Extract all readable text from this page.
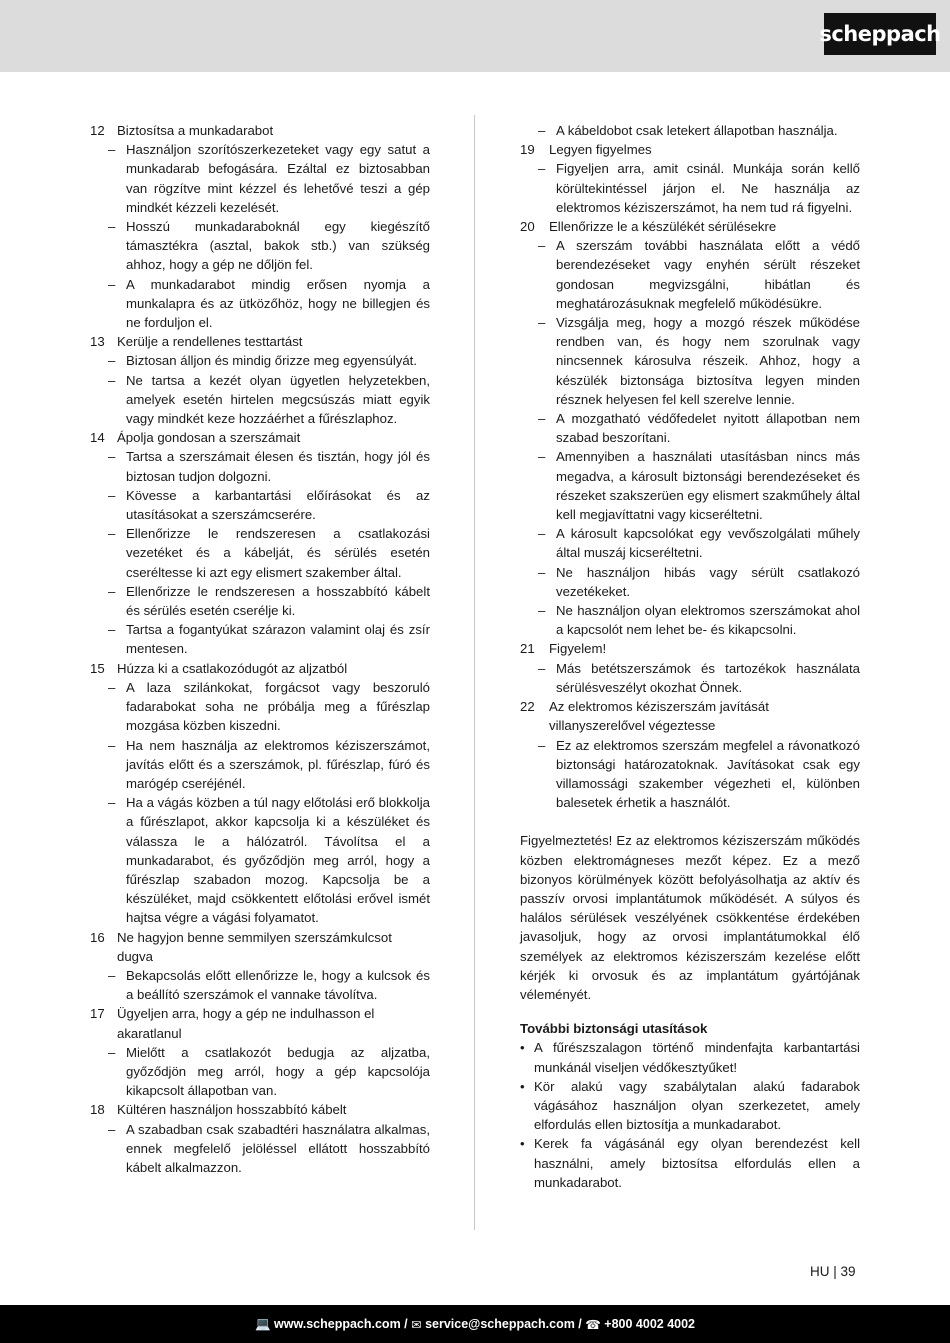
scheppach
12 Biztosítsa a munkadarabot
– Használjon szorítószerkezeteket vagy egy satut a munkadarab befogására. Ezáltal ez biztosabban van rögzítve mint kézzel és lehetővé teszi a gép mindkét kézzeli kezelését.
– Hosszú munkadaraboknál egy kiegészítő támasztékra (asztal, bakok stb.) van szükség ahhoz, hogy a gép ne dőljön fel.
– A munkadarabot mindig erősen nyomja a munkalapra és az ütközőhöz, hogy ne billegjen és ne forduljon el.
13 Kerülje a rendellenes testtartást
– Biztosan álljon és mindig őrizze meg egyensúlyát.
– Ne tartsa a kezét olyan ügyetlen helyzetekben, amelyek esetén hirtelen megcsúszás miatt egyik vagy mindkét keze hozzáérhet a fűrészlaphoz.
14 Ápolja gondosan a szerszámait
– Tartsa a szerszámait élesen és tisztán, hogy jól és biztosan tudjon dolgozni.
– Kövesse a karbantartási előírásokat és az utasításokat a szerszámcserére.
– Ellenőrizze le rendszeresen a csatlakozási vezetéket és a kábelját, és sérülés esetén cseréltesse ki azt egy elismert szakember által.
– Ellenőrizze le rendszeresen a hosszabbító kábelt és sérülés esetén cserélje ki.
– Tartsa a fogantyúkat szárazon valamint olaj és zsír mentesen.
15 Húzza ki a csatlakozódugót az aljzatból
– A laza szilánkokat, forgácsot vagy beszoruló fadarabokat soha ne próbálja meg a fűrészlap mozgása közben kiszedni.
– Ha nem használja az elektromos kéziszerszámot, javítás előtt és a szerszámok, pl. fűrészlap, fúró és marógép cseréjénél.
– Ha a vágás közben a túl nagy előtolási erő blokkolja a fűrészlapot, akkor kapcsolja ki a készüléket és válassza le a hálózatról. Távolítsa el a munkadarabot, és győződjön meg arról, hogy a fűrészlap szabadon mozog. Kapcsolja be a készüléket, majd csökkentett előtolási erővel ismét hajtsa végre a vágási folyamatot.
16 Ne hagyjon benne semmilyen szerszámkulcsot dugva
– Bekapcsolás előtt ellenőrizze le, hogy a kulcsok és a beállító szerszámok el vannake távolítva.
17 Ügyeljen arra, hogy a gép ne indulhasson el akaratlanul
– Mielőtt a csatlakozót bedugja az aljzatba, győződjön meg arról, hogy a gép kapcsolója kikapcsolt állapotban van.
18 Kültéren használjon hosszabbító kábelt
– A szabadban csak szabadtéri használatra alkalmas, ennek megfelelő jelöléssel ellátott hosszabbító kábelt alkalmazzon.
– A kábeldobot csak letekert állapotban használja.
19	Legyen figyelmes
– Figyeljen arra, amit csinál. Munkája során kellő körültekintéssel járjon el. Ne használja az elektromos kéziszerszámot, ha nem tud rá figyelni.
20	Ellenőrizze le a készülékét sérülésekre
– A szerszám további használata előtt a védő berendezéseket vagy enyhén sérült részeket gondosan megvizsgálni, hibátlan és meghatározásuknak megfelelő működésükre.
– Vizsgálja meg, hogy a mozgó részek működése rendben van, és hogy nem szorulnak vagy nincsennek károsulva részeik. Ahhoz, hogy a készülék biztonsága biztosítva legyen minden résznek helyesen fel kell szerelve lennie.
– A mozgatható védőfedelet nyitott állapotban nem szabad beszorítani.
– Amennyiben a használati utasításban nincs más megadva, a károsult biztonsági berendezéseket és részeket szakszerüen egy elismert szakműhely által kell megjavíttatni vagy kicseréltetni.
– A károsult kapcsolókat egy vevőszolgálati műhely által muszáj kicseréltetni.
– Ne használjon hibás vagy sérült csatlakozó vezetékeket.
– Ne használjon olyan elektromos szerszámokat ahol a kapcsolót nem lehet be- és kikapcsolni.
21	Figyelem!
– Más betétszerszámok és tartozékok használata sérülésveszélyt okozhat Önnek.
22	Az elektromos kéziszerszám javítását villanyszerelővel végeztesse
– Ez az elektromos szerszám megfelel a rávonatkozó biztonsági határozatoknak. Javításokat csak egy villamossági szakember végezheti el, különben balesetek érhetik a használót.
Figyelmeztetés! Ez az elektromos kéziszerszám működés közben elektromágneses mezőt képez. Ez a mező bizonyos körülmények között befolyásolhatja az aktív és passzív orvosi implantátumok működését. A súlyos és halálos sérülések veszélyének csökkentése érdekében javasoljuk, hogy az orvosi implantátumokkal élő személyek az elektromos kéziszerszám kezelése előtt kérjék ki orvosuk és az implantátum gyártójának véleményét.
További biztonsági utasítások
• A fűrészszalagon történő mindenfajta karbantartási munkánál viseljen védőkesztyűket!
• Kör alakú vagy szabálytalan alakú fadarabok vágásához használjon olyan szerkezetet, amely elfordulás ellen biztosítja a munkadarabot.
• Kerek fa vágásánál egy olyan berendezést kell használni, amely biztosítsa elfordulás ellen a munkadarabot.
HU | 39
💻 www.scheppach.com / ✉ service@scheppach.com / ☎ +800 4002 4002
